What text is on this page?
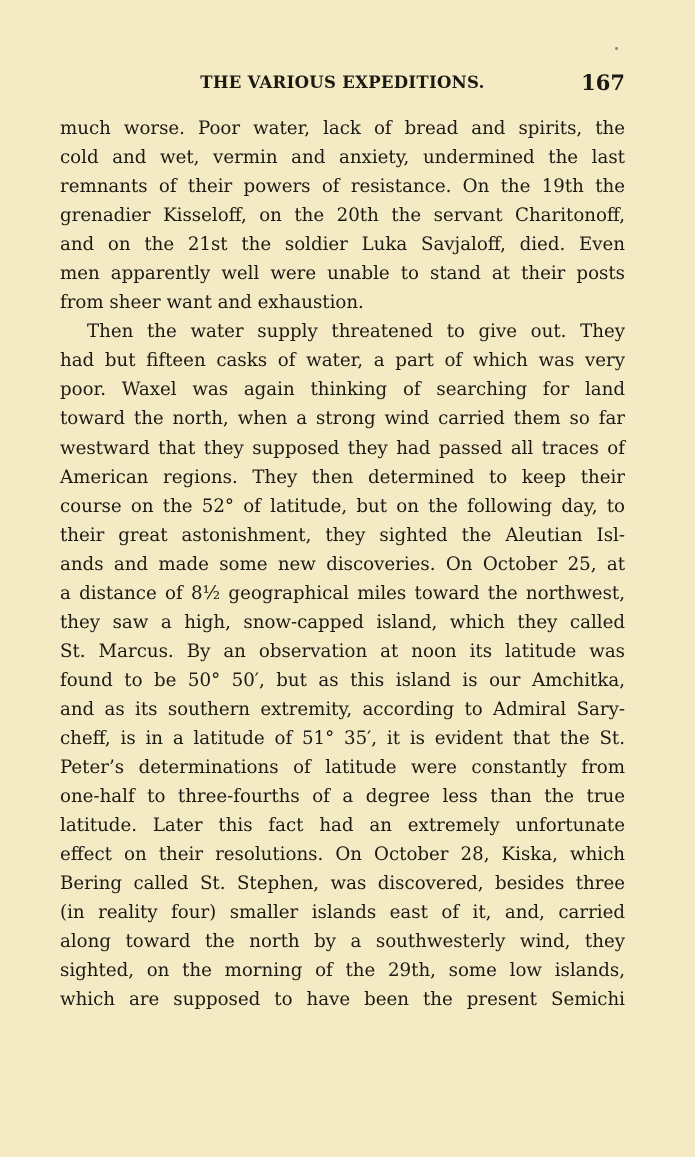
THE VARIOUS EXPEDITIONS.	167
much worse. Poor water, lack of bread and spirits, the
cold and wet, vermin and anxiety, undermined the last
remnants of their powers of resistance. On the 19th the
grenadier Kisseloff, on the 20th the servant Charitonoff,
and on the 21st the soldier Luka Savjaloff, died. Even
men apparently well were unable to stand at their posts
from sheer want and exhaustion.
Then the water supply threatened to give out. They
had but fifteen casks of water, a part of which was very
poor. Waxel was again thinking of searching for land
toward the north, when a strong wind carried them so far
westward that they supposed they had passed all traces of
American regions. They then determined to keep their
course on the 52° of latitude, but on the following day, to
their great astonishment, they sighted the Aleutian Isl-
ands and made some new discoveries. On October 25, at
a distance of 8½ geographical miles toward the northwest,
they saw a high, snow-capped island, which they called
St. Marcus. By an observation at noon its latitude was
found to be 50° 50′, but as this island is our Amchitka,
and as its southern extremity, according to Admiral Sary-
cheff, is in a latitude of 51° 35′, it is evident that the St.
Peter’s determinations of latitude were constantly from
one-half to three-fourths of a degree less than the true
latitude. Later this fact had an extremely unfortunate
effect on their resolutions. On October 28, Kiska, which
Bering called St. Stephen, was discovered, besides three
(in reality four) smaller islands east of it, and, carried
along toward the north by a southwesterly wind, they
sighted, on the morning of the 29th, some low islands,
which are supposed to have been the present Semichi
